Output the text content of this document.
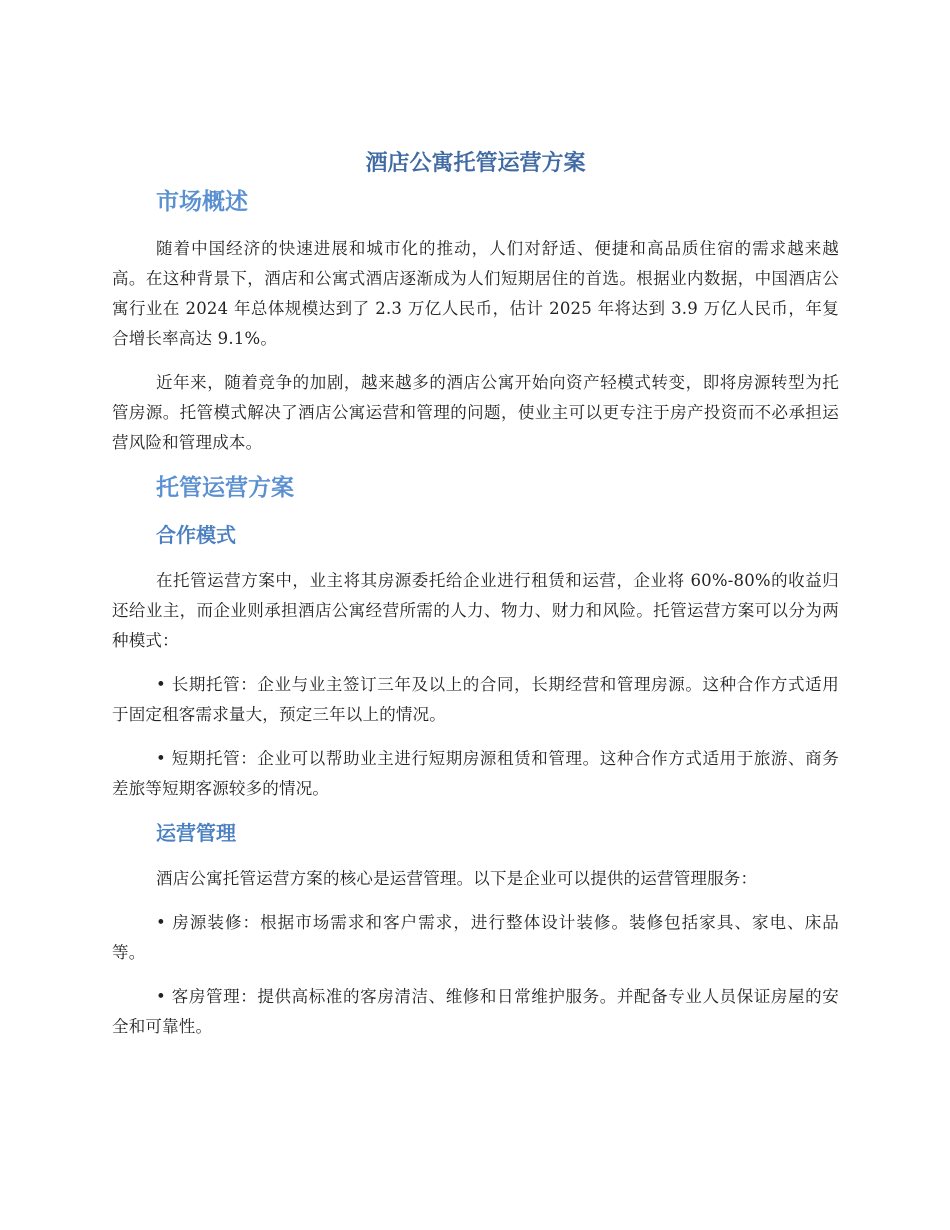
酒店公寓托管运营方案
市场概述

随着中国经济的快速进展和城市化的推动，人们对舒适、便捷和高品质住宿的需求越来越高。在这种背景下，酒店和公寓式酒店逐渐成为人们短期居住的首选。根据业内数据，中国酒店公寓行业在 2024 年总体规模达到了 2.3 万亿人民币，估计 2025 年将达到 3.9 万亿人民币，年复合增长率高达 9.1%。

近年来，随着竞争的加剧，越来越多的酒店公寓开始向资产轻模式转变，即将房源转型为托管房源。托管模式解决了酒店公寓运营和管理的问题，使业主可以更专注于房产投资而不必承担运营风险和管理成本。

托管运营方案
合作模式

在托管运营方案中，业主将其房源委托给企业进行租赁和运营，企业将 60%-80%的收益归还给业主，而企业则承担酒店公寓经营所需的人力、物力、财力和风险。托管运营方案可以分为两种模式：

• 长期托管：企业与业主签订三年及以上的合同，长期经营和管理房源。这种合作方式适用于固定租客需求量大，预定三年以上的情况。

• 短期托管：企业可以帮助业主进行短期房源租赁和管理。这种合作方式适用于旅游、商务差旅等短期客源较多的情况。

运营管理

酒店公寓托管运营方案的核心是运营管理。以下是企业可以提供的运营管理服务：

• 房源装修：根据市场需求和客户需求，进行整体设计装修。装修包括家具、家电、床品等。

• 客房管理：提供高标准的客房清洁、维修和日常维护服务。并配备专业人员保证房屋的安全和可靠性。
